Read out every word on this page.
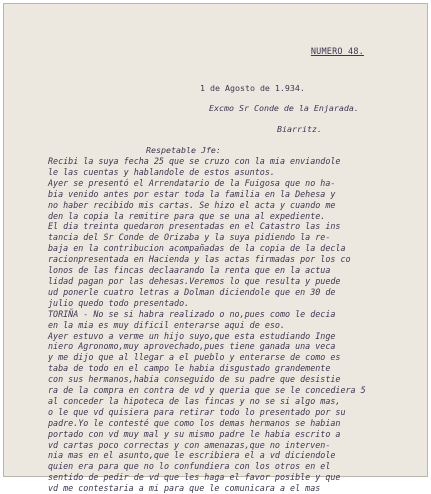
NUMERO 48.
1 de Agosto de 1.934.
Excmo Sr Conde de la Enjarada.
Biarritz.
Respetable Jfe:
Recibi la suya fecha 25 que se cruzo con la mia enviandole
le las cuentas y hablandole de estos asuntos.
Ayer se presentó el Arrendatario de la Fuigosa que no ha-
bia venido antes por estar toda la familia en la Dehesa y
no haber recibido mis cartas. Se hizo el acta y cuando me
den la copia la remitire para que se una al expediente.
El dia treinta quedaron presentadas en el Catastro las ins
tancia del Sr Conde de Orizaba y la suya pidiendo la re-
baja en la contribucion acompañadas de la copia de la decla
racionpresentada en Hacienda y las actas firmadas por los co
lonos de las fincas declaarando la renta que en la actua
lidad pagan por las dehesas.Veremos lo que resulta y puede
ud ponerle cuatro letras a Dolman diciendole que en 30 de
julio quedo todo presentado.
TORIÑA - No se si habra realizado o no,pues como le decia
en la mia es muy dificil enterarse aqui de eso.
Ayer estuvo a verme un hijo suyo,que esta estudiando Inge
niero Agronomo,muy aprovechado,pues tiene ganada una veca
y me dijo que al llegar a el pueblo y enterarse de como es
taba de todo en el campo le habia disgustado grandemente
con sus hermanos,habia conseguido de su padre que desistie
ra de la compra en contra de vd y queria que se le concediera 5
al conceder la hipoteca de las fincas y no se si algo mas,
o le que vd quisiera para retirar todo lo presentado por su
padre.Yo le contesté que como los demas hermanos se habian
portado con vd muy mal y su mismo padre le habia escrito a
vd cartas poco correctas y con amenazas,que no interven-
nia mas en el asunto,que le escribiera el a vd diciendole
quien era para que no lo confundiera con los otros en el
sentido de pedir de vd que les haga el favor posible y que
vd me contestaria a mi para que le comunicara a el mas
